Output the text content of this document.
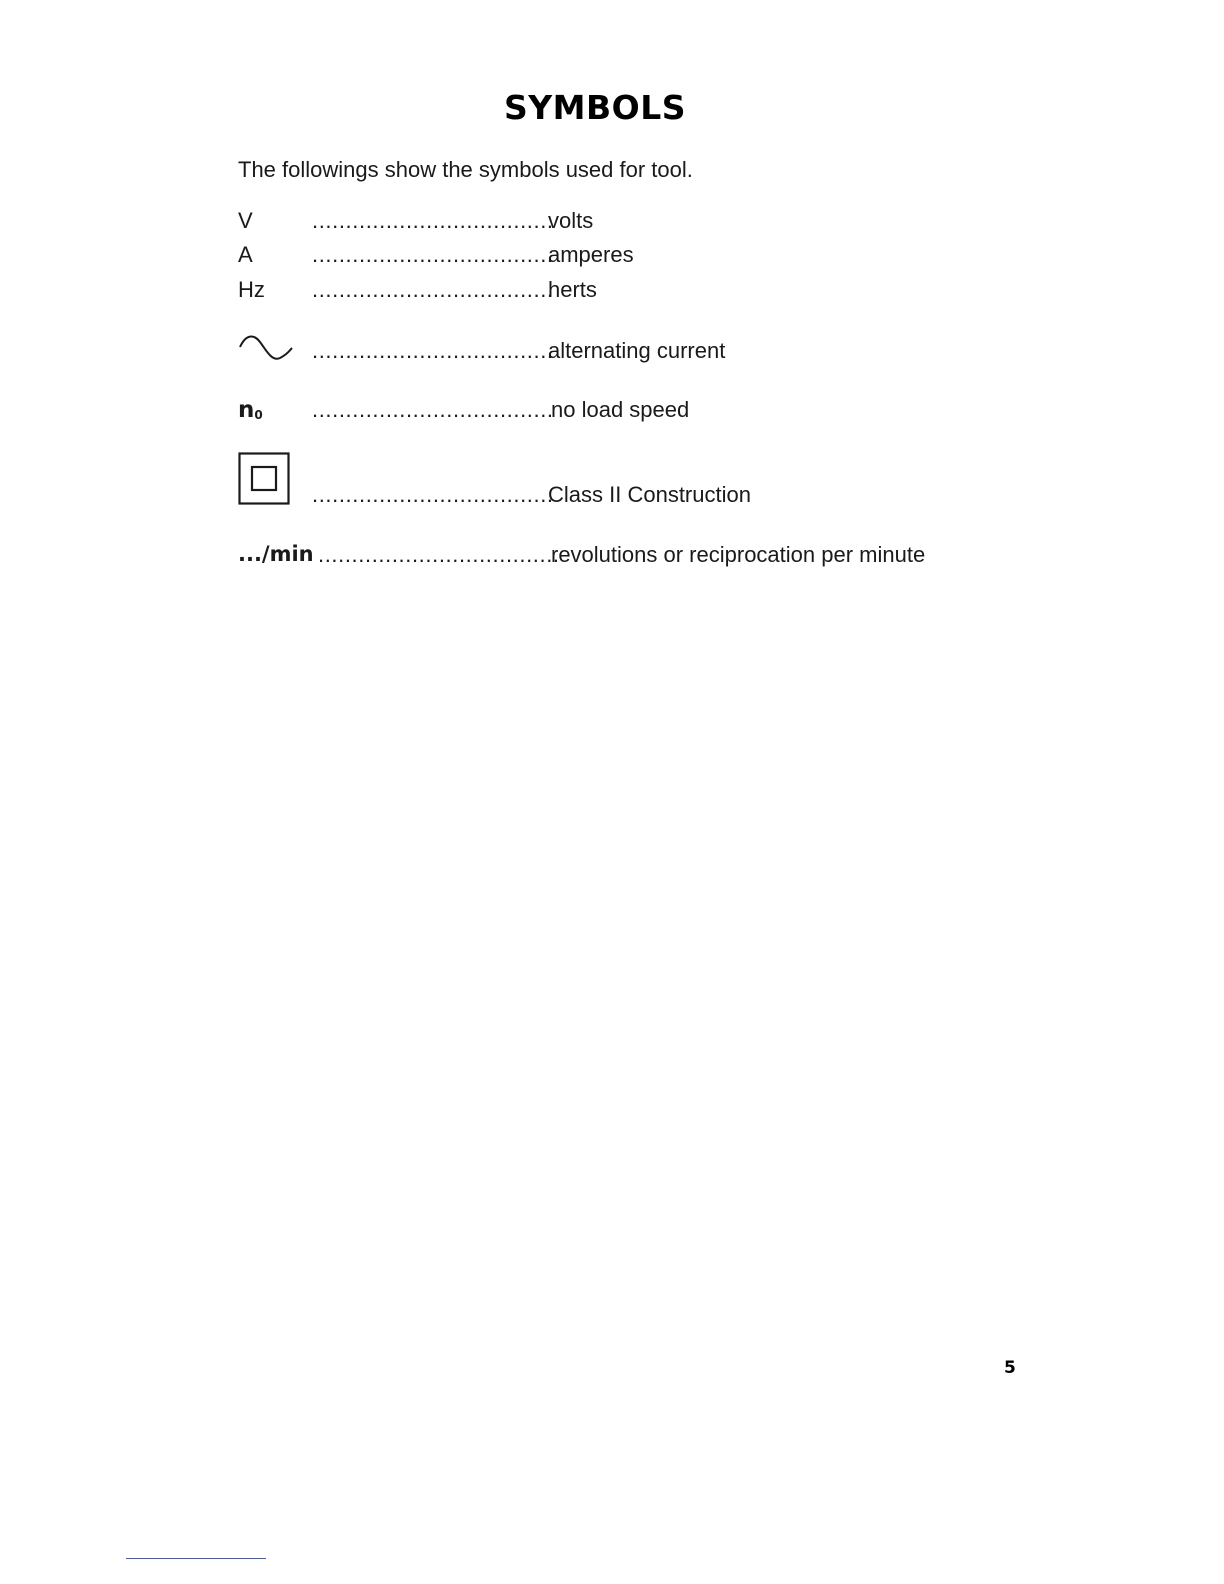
SYMBOLS
The followings show the symbols used for tool.
V	....................................
volts
A	....................................
amperes
Hz ....................................
herts
....................................
alternating current
$n_0$ ....................................
no load speed
....................................
Class II Construction
.../min ....................................
revolutions or reciprocation per minute
5
